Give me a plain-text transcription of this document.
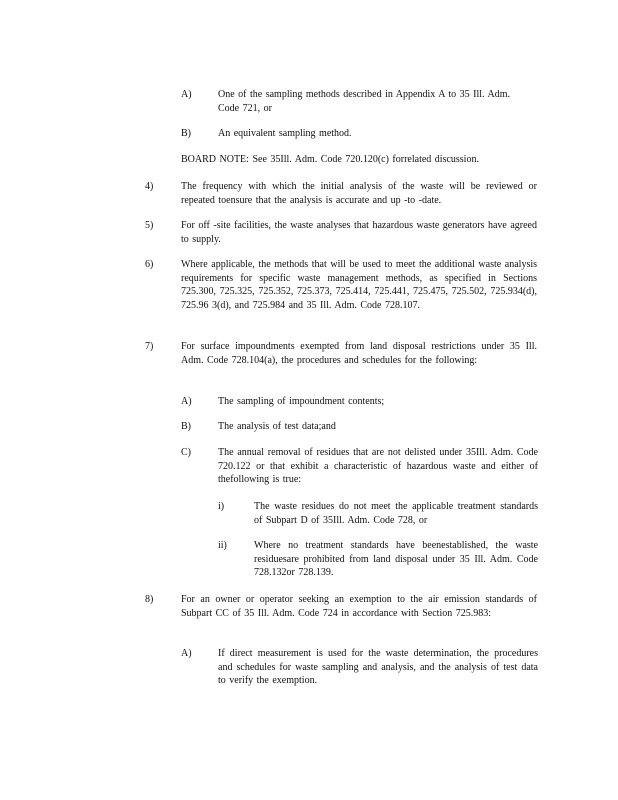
A)	One of the sampling methods described in Appendix A to 35 Ill. Adm. Code 721, or
B)	An equivalent sampling method.
BOARD NOTE: See 35Ill. Adm. Code 720.120(c) forrelated discussion.
4)	The frequency with which the initial analysis of the waste will be reviewed or repeated toensure that the analysis is accurate and up -to -date.
5)	For off -site facilities, the waste analyses that hazardous waste generators have agreed to supply.
6)	Where applicable, the methods that will be used to meet the additional waste analysis requirements for specific waste management methods, as specified in Sections 725.300, 725.325, 725.352, 725.373, 725.414, 725.441, 725.475, 725.502, 725.934(d), 725.96 3(d), and 725.984 and 35 Ill. Adm. Code 728.107.
7)	For surface impoundments exempted from land disposal restrictions under 35 Ill. Adm. Code 728.104(a), the procedures and schedules for the following:
A)	The sampling of impoundment contents;
B)	The analysis of test data;and
C)	The annual removal of residues that are not delisted under 35Ill. Adm. Code 720.122 or that exhibit a characteristic of hazardous waste and either of thefollowing is true:
i)	The waste residues do not meet the applicable treatment standards of Subpart D of 35Ill. Adm. Code 728, or
ii)	Where no treatment standards have beenestablished, the waste residuesare prohibited from land disposal under 35 Ill. Adm. Code 728.132or 728.139.
8)	For an owner or operator seeking an exemption to the air emission standards of Subpart CC of 35 Ill. Adm. Code 724 in accordance with Section 725.983:
A)	If direct measurement is used for the waste determination, the procedures and schedules for waste sampling and analysis, and the analysis of test data to verify the exemption.
